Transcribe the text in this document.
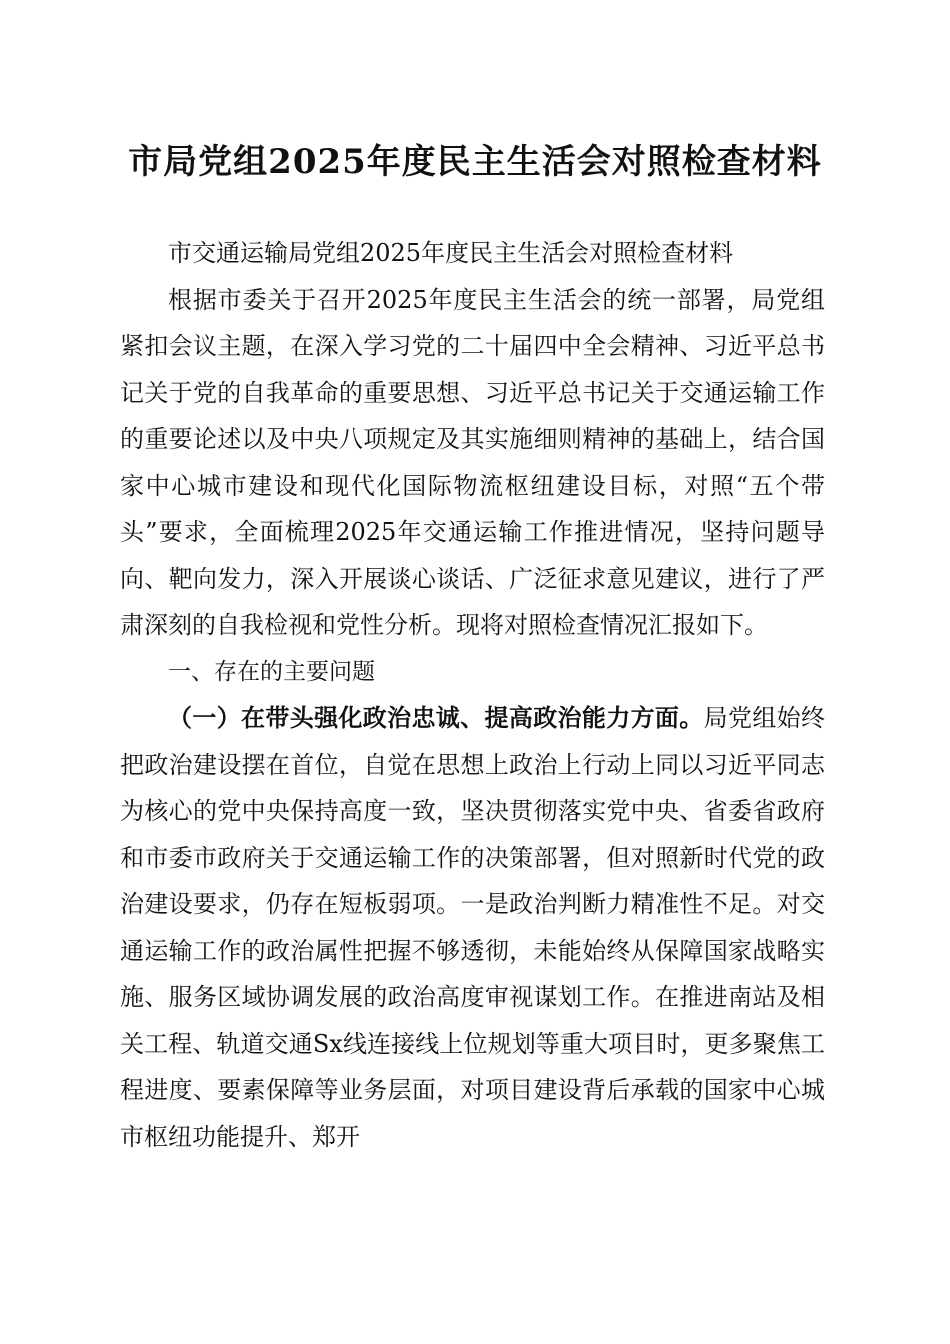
市局党组2025年度民主生活会对照检查材料

市交通运输局党组2025年度民主生活会对照检查材料

根据市委关于召开2025年度民主生活会的统一部署，局党组紧扣会议主题，在深入学习党的二十届四中全会精神、习近平总书记关于党的自我革命的重要思想、习近平总书记关于交通运输工作的重要论述以及中央八项规定及其实施细则精神的基础上，结合国家中心城市建设和现代化国际物流枢纽建设目标，对照“五个带头”要求，全面梳理2025年交通运输工作推进情况，坚持问题导向、靶向发力，深入开展谈心谈话、广泛征求意见建议，进行了严肃深刻的自我检视和党性分析。现将对照检查情况汇报如下。

一、存在的主要问题

（一）在带头强化政治忠诚、提高政治能力方面。局党组始终把政治建设摆在首位，自觉在思想上政治上行动上同以习近平同志为核心的党中央保持高度一致，坚决贯彻落实党中央、省委省政府和市委市政府关于交通运输工作的决策部署，但对照新时代党的政治建设要求，仍存在短板弱项。一是政治判断力精准性不足。对交通运输工作的政治属性把握不够透彻，未能始终从保障国家战略实施、服务区域协调发展的政治高度审视谋划工作。在推进南站及相关工程、轨道交通Sx线连接线上位规划等重大项目时，更多聚焦工程进度、要素保障等业务层面，对项目建设背后承载的国家中心城市枢纽功能提升、郑开
